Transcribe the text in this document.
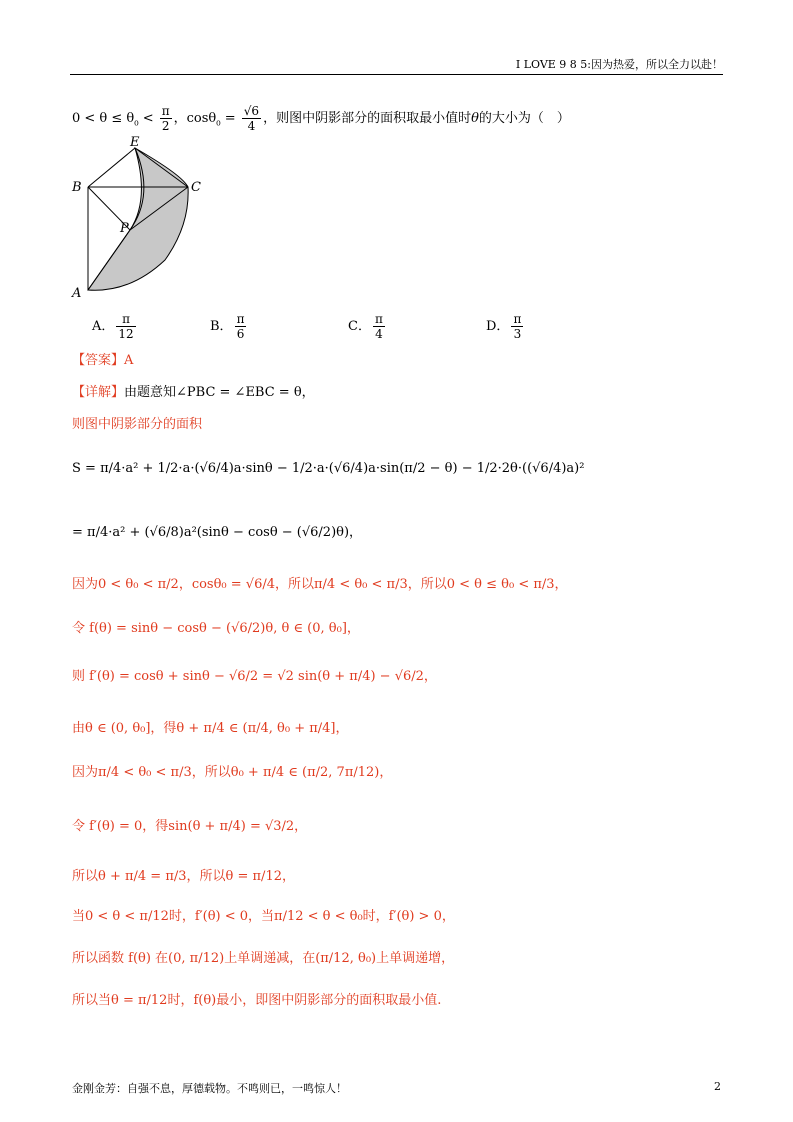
I LOVE 9 8 5:因为热爱，所以全力以赴！
$0 < \theta \le \theta_{_0} < \frac{\pi}{2}$ ，$\cos\theta_{_0} = \frac{√6}{4}$ ，则图中阴影部分的面积取最小值时θ的大小为（　）
E
B	C
P
A
A． $\frac{\pi}{12}$	B． $\frac{\pi}{6}$	C． $\frac{\pi}{4}$	D． $\frac{\pi}{3}$
【答案】A
【详解】由题意知∠PBC = ∠EBC = θ，
则图中阴影部分的面积
S = π/4·a² + 1/2·a·(√6/4)a·sinθ − 1/2·a·(√6/4)a·sin(π/2 − θ) − 1/2·2θ·((√6/4)a)²
= π/4·a² + (√6/8)a²(sinθ − cosθ − (√6/2)θ)，
因为0 < θ₀ < π/2，cosθ₀ = √6/4，所以π/4 < θ₀ < π/3，所以0 < θ ≤ θ₀ < π/3，
令 f(θ) = sinθ − cosθ − (√6/2)θ, θ ∈ (0, θ₀]，
则 f′(θ) = cosθ + sinθ − √6/2 = √2 sin(θ + π/4) − √6/2，
由θ ∈ (0, θ₀]，得θ + π/4 ∈ (π/4, θ₀ + π/4]，
因为π/4 < θ₀ < π/3，所以θ₀ + π/4 ∈ (π/2, 7π/12)，
令 f′(θ) = 0，得sin(θ + π/4) = √3/2，
所以θ + π/4 = π/3，所以θ = π/12，
当0 < θ < π/12时，f′(θ) < 0，当π/12 < θ < θ₀时，f′(θ) > 0，
所以函数 f(θ) 在(0, π/12)上单调递减，在(π/12, θ₀)上单调递增，
所以当θ = π/12时，f(θ)最小，即图中阴影部分的面积取最小值.
金刚金芳：自强不息，厚德载物。不鸣则已，一鸣惊人！	2
